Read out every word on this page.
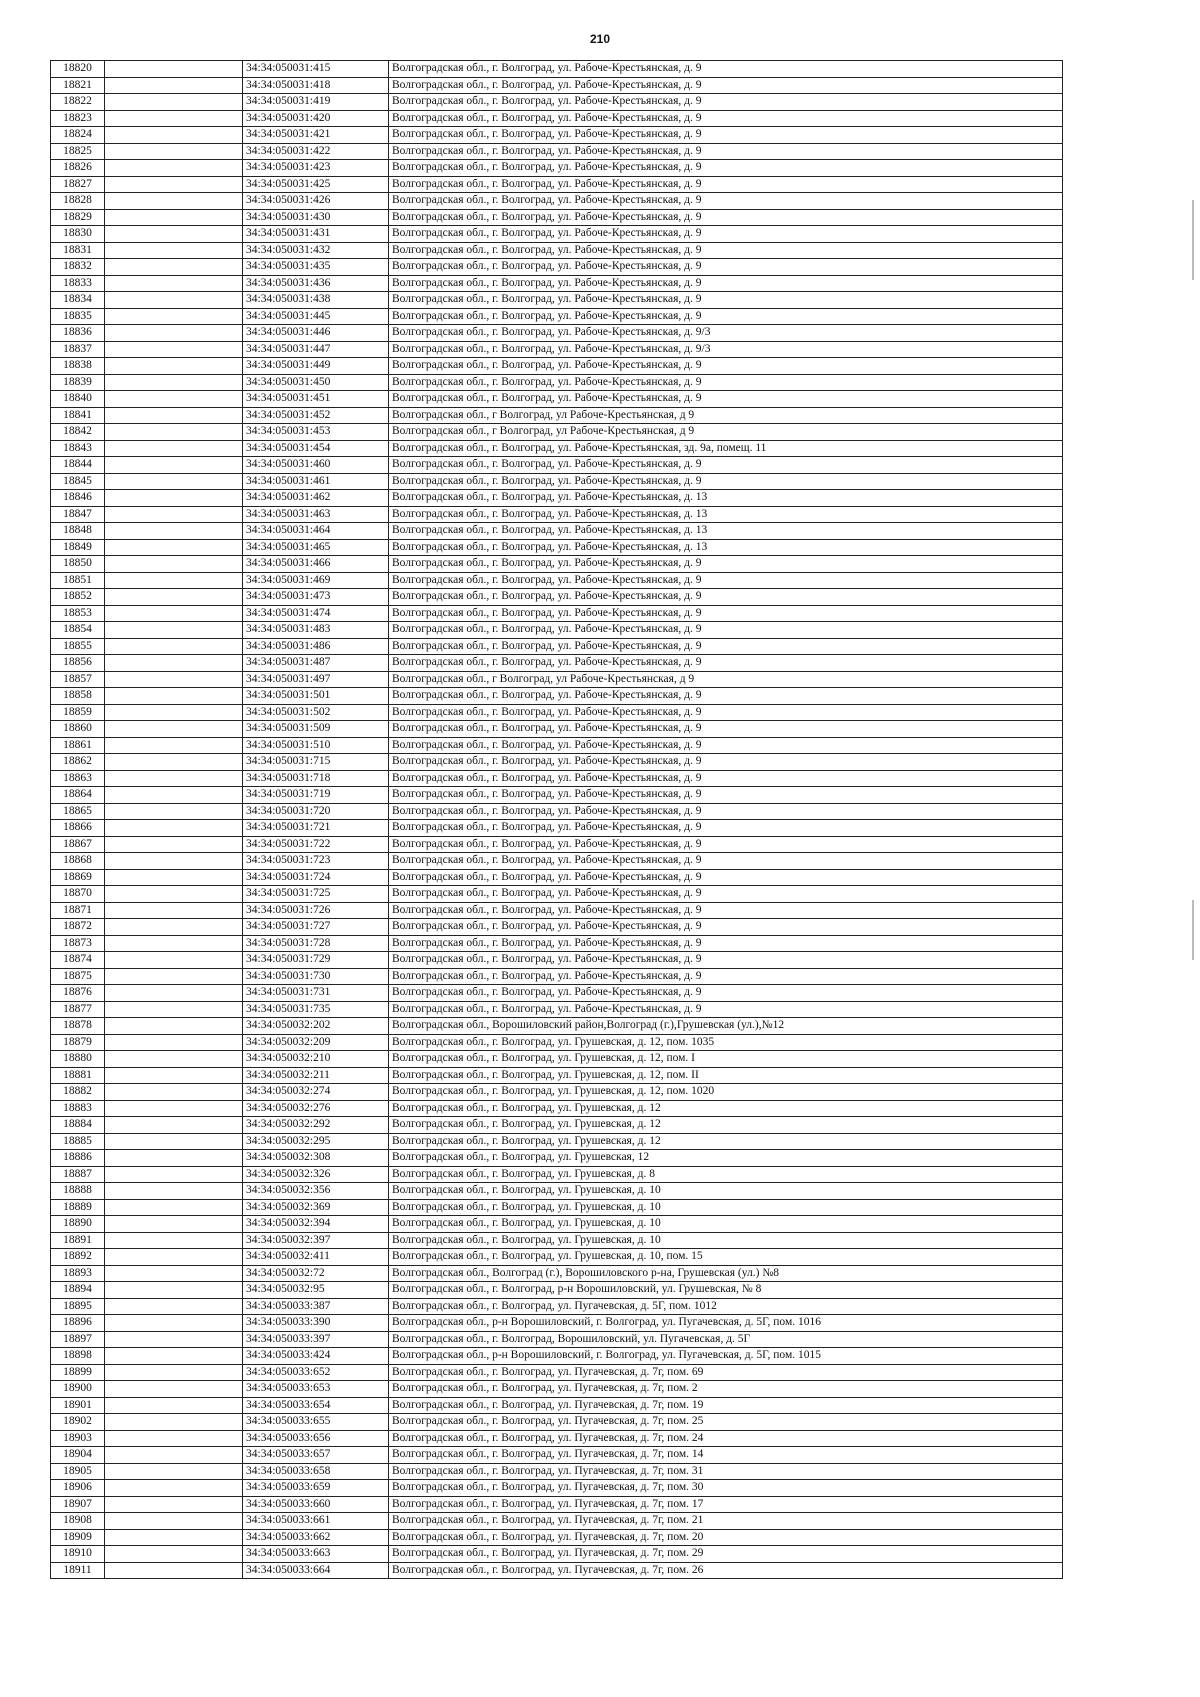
210
18820		34:34:050031:415	Волгоградская обл., г. Волгоград, ул. Рабоче-Крестьянская, д. 9
18821		34:34:050031:418	Волгоградская обл., г. Волгоград, ул. Рабоче-Крестьянская, д. 9
18822		34:34:050031:419	Волгоградская обл., г. Волгоград, ул. Рабоче-Крестьянская, д. 9
18823		34:34:050031:420	Волгоградская обл., г. Волгоград, ул. Рабоче-Крестьянская, д. 9
18824		34:34:050031:421	Волгоградская обл., г. Волгоград, ул. Рабоче-Крестьянская, д. 9
18825		34:34:050031:422	Волгоградская обл., г. Волгоград, ул. Рабоче-Крестьянская, д. 9
18826		34:34:050031:423	Волгоградская обл., г. Волгоград, ул. Рабоче-Крестьянская, д. 9
18827		34:34:050031:425	Волгоградская обл., г. Волгоград, ул. Рабоче-Крестьянская, д. 9
18828		34:34:050031:426	Волгоградская обл., г. Волгоград, ул. Рабоче-Крестьянская, д. 9
18829		34:34:050031:430	Волгоградская обл., г. Волгоград, ул. Рабоче-Крестьянская, д. 9
18830		34:34:050031:431	Волгоградская обл., г. Волгоград, ул. Рабоче-Крестьянская, д. 9
18831		34:34:050031:432	Волгоградская обл., г. Волгоград, ул. Рабоче-Крестьянская, д. 9
18832		34:34:050031:435	Волгоградская обл., г. Волгоград, ул. Рабоче-Крестьянская, д. 9
18833		34:34:050031:436	Волгоградская обл., г. Волгоград, ул. Рабоче-Крестьянская, д. 9
18834		34:34:050031:438	Волгоградская обл., г. Волгоград, ул. Рабоче-Крестьянская, д. 9
18835		34:34:050031:445	Волгоградская обл., г. Волгоград, ул. Рабоче-Крестьянская, д. 9
18836		34:34:050031:446	Волгоградская обл., г. Волгоград, ул. Рабоче-Крестьянская, д. 9/3
18837		34:34:050031:447	Волгоградская обл., г. Волгоград, ул. Рабоче-Крестьянская, д. 9/3
18838		34:34:050031:449	Волгоградская обл., г. Волгоград, ул. Рабоче-Крестьянская, д. 9
18839		34:34:050031:450	Волгоградская обл., г. Волгоград, ул. Рабоче-Крестьянская, д. 9
18840		34:34:050031:451	Волгоградская обл., г. Волгоград, ул. Рабоче-Крестьянская, д. 9
18841		34:34:050031:452	Волгоградская обл., г Волгоград, ул Рабоче-Крестьянская, д 9
18842		34:34:050031:453	Волгоградская обл., г Волгоград, ул Рабоче-Крестьянская, д 9
18843		34:34:050031:454	Волгоградская обл., г. Волгоград, ул. Рабоче-Крестьянская, зд. 9а, помещ. 11
18844		34:34:050031:460	Волгоградская обл., г. Волгоград, ул. Рабоче-Крестьянская, д. 9
18845		34:34:050031:461	Волгоградская обл., г. Волгоград, ул. Рабоче-Крестьянская, д. 9
18846		34:34:050031:462	Волгоградская обл., г. Волгоград, ул. Рабоче-Крестьянская, д. 13
18847		34:34:050031:463	Волгоградская обл., г. Волгоград, ул. Рабоче-Крестьянская, д. 13
18848		34:34:050031:464	Волгоградская обл., г. Волгоград, ул. Рабоче-Крестьянская, д. 13
18849		34:34:050031:465	Волгоградская обл., г. Волгоград, ул. Рабоче-Крестьянская, д. 13
18850		34:34:050031:466	Волгоградская обл., г. Волгоград, ул. Рабоче-Крестьянская, д. 9
18851		34:34:050031:469	Волгоградская обл., г. Волгоград, ул. Рабоче-Крестьянская, д. 9
18852		34:34:050031:473	Волгоградская обл., г. Волгоград, ул. Рабоче-Крестьянская, д. 9
18853		34:34:050031:474	Волгоградская обл., г. Волгоград, ул. Рабоче-Крестьянская, д. 9
18854		34:34:050031:483	Волгоградская обл., г. Волгоград, ул. Рабоче-Крестьянская, д. 9
18855		34:34:050031:486	Волгоградская обл., г. Волгоград, ул. Рабоче-Крестьянская, д. 9
18856		34:34:050031:487	Волгоградская обл., г. Волгоград, ул. Рабоче-Крестьянская, д. 9
18857		34:34:050031:497	Волгоградская обл., г Волгоград, ул Рабоче-Крестьянская, д 9
18858		34:34:050031:501	Волгоградская обл., г. Волгоград, ул. Рабоче-Крестьянская, д. 9
18859		34:34:050031:502	Волгоградская обл., г. Волгоград, ул. Рабоче-Крестьянская, д. 9
18860		34:34:050031:509	Волгоградская обл., г. Волгоград, ул. Рабоче-Крестьянская, д. 9
18861		34:34:050031:510	Волгоградская обл., г. Волгоград, ул. Рабоче-Крестьянская, д. 9
18862		34:34:050031:715	Волгоградская обл., г. Волгоград, ул. Рабоче-Крестьянская, д. 9
18863		34:34:050031:718	Волгоградская обл., г. Волгоград, ул. Рабоче-Крестьянская, д. 9
18864		34:34:050031:719	Волгоградская обл., г. Волгоград, ул. Рабоче-Крестьянская, д. 9
18865		34:34:050031:720	Волгоградская обл., г. Волгоград, ул. Рабоче-Крестьянская, д. 9
18866		34:34:050031:721	Волгоградская обл., г. Волгоград, ул. Рабоче-Крестьянская, д. 9
18867		34:34:050031:722	Волгоградская обл., г. Волгоград, ул. Рабоче-Крестьянская, д. 9
18868		34:34:050031:723	Волгоградская обл., г. Волгоград, ул. Рабоче-Крестьянская, д. 9
18869		34:34:050031:724	Волгоградская обл., г. Волгоград, ул. Рабоче-Крестьянская, д. 9
18870		34:34:050031:725	Волгоградская обл., г. Волгоград, ул. Рабоче-Крестьянская, д. 9
18871		34:34:050031:726	Волгоградская обл., г. Волгоград, ул. Рабоче-Крестьянская, д. 9
18872		34:34:050031:727	Волгоградская обл., г. Волгоград, ул. Рабоче-Крестьянская, д. 9
18873		34:34:050031:728	Волгоградская обл., г. Волгоград, ул. Рабоче-Крестьянская, д. 9
18874		34:34:050031:729	Волгоградская обл., г. Волгоград, ул. Рабоче-Крестьянская, д. 9
18875		34:34:050031:730	Волгоградская обл., г. Волгоград, ул. Рабоче-Крестьянская, д. 9
18876		34:34:050031:731	Волгоградская обл., г. Волгоград, ул. Рабоче-Крестьянская, д. 9
18877		34:34:050031:735	Волгоградская обл., г. Волгоград, ул. Рабоче-Крестьянская, д. 9
18878		34:34:050032:202	Волгоградская обл., Ворошиловский район,Волгоград (г.),Грушевская (ул.),№12
18879		34:34:050032:209	Волгоградская обл., г. Волгоград, ул. Грушевская, д. 12, пом. 1035
18880		34:34:050032:210	Волгоградская обл., г. Волгоград, ул. Грушевская, д. 12, пом. I
18881		34:34:050032:211	Волгоградская обл., г. Волгоград, ул. Грушевская, д. 12, пом. II
18882		34:34:050032:274	Волгоградская обл., г. Волгоград, ул. Грушевская, д. 12, пом. 1020
18883		34:34:050032:276	Волгоградская обл., г. Волгоград, ул. Грушевская, д. 12
18884		34:34:050032:292	Волгоградская обл., г. Волгоград, ул. Грушевская, д. 12
18885		34:34:050032:295	Волгоградская обл., г. Волгоград, ул. Грушевская, д. 12
18886		34:34:050032:308	Волгоградская обл., г. Волгоград, ул. Грушевская, 12
18887		34:34:050032:326	Волгоградская обл., г. Волгоград, ул. Грушевская, д. 8
18888		34:34:050032:356	Волгоградская обл., г. Волгоград, ул. Грушевская, д. 10
18889		34:34:050032:369	Волгоградская обл., г. Волгоград, ул. Грушевская, д. 10
18890		34:34:050032:394	Волгоградская обл., г. Волгоград, ул. Грушевская, д. 10
18891		34:34:050032:397	Волгоградская обл., г. Волгоград, ул. Грушевская, д. 10
18892		34:34:050032:411	Волгоградская обл., г. Волгоград, ул. Грушевская, д. 10, пом. 15
18893		34:34:050032:72	Волгоградская обл., Волгоград (г.), Ворошиловского р-на, Грушевская (ул.) №8
18894		34:34:050032:95	Волгоградская обл., г. Волгоград, р-н Ворошиловский, ул. Грушевская, № 8
18895		34:34:050033:387	Волгоградская обл., г. Волгоград, ул. Пугачевская, д. 5Г, пом. 1012
18896		34:34:050033:390	Волгоградская обл., р-н Ворошиловский, г. Волгоград, ул. Пугачевская, д. 5Г, пом. 1016
18897		34:34:050033:397	Волгоградская обл., г. Волгоград, Ворошиловский, ул. Пугачевская, д. 5Г
18898		34:34:050033:424	Волгоградская обл., р-н Ворошиловский, г. Волгоград, ул. Пугачевская, д. 5Г, пом. 1015
18899		34:34:050033:652	Волгоградская обл., г. Волгоград, ул. Пугачевская, д. 7г, пом. 69
18900		34:34:050033:653	Волгоградская обл., г. Волгоград, ул. Пугачевская, д. 7г, пом. 2
18901		34:34:050033:654	Волгоградская обл., г. Волгоград, ул. Пугачевская, д. 7г, пом. 19
18902		34:34:050033:655	Волгоградская обл., г. Волгоград, ул. Пугачевская, д. 7г, пом. 25
18903		34:34:050033:656	Волгоградская обл., г. Волгоград, ул. Пугачевская, д. 7г, пом. 24
18904		34:34:050033:657	Волгоградская обл., г. Волгоград, ул. Пугачевская, д. 7г, пом. 14
18905		34:34:050033:658	Волгоградская обл., г. Волгоград, ул. Пугачевская, д. 7г, пом. 31
18906		34:34:050033:659	Волгоградская обл., г. Волгоград, ул. Пугачевская, д. 7г, пом. 30
18907		34:34:050033:660	Волгоградская обл., г. Волгоград, ул. Пугачевская, д. 7г, пом. 17
18908		34:34:050033:661	Волгоградская обл., г. Волгоград, ул. Пугачевская, д. 7г, пом. 21
18909		34:34:050033:662	Волгоградская обл., г. Волгоград, ул. Пугачевская, д. 7г, пом. 20
18910		34:34:050033:663	Волгоградская обл., г. Волгоград, ул. Пугачевская, д. 7г, пом. 29
18911		34:34:050033:664	Волгоградская обл., г. Волгоград, ул. Пугачевская, д. 7г, пом. 26
